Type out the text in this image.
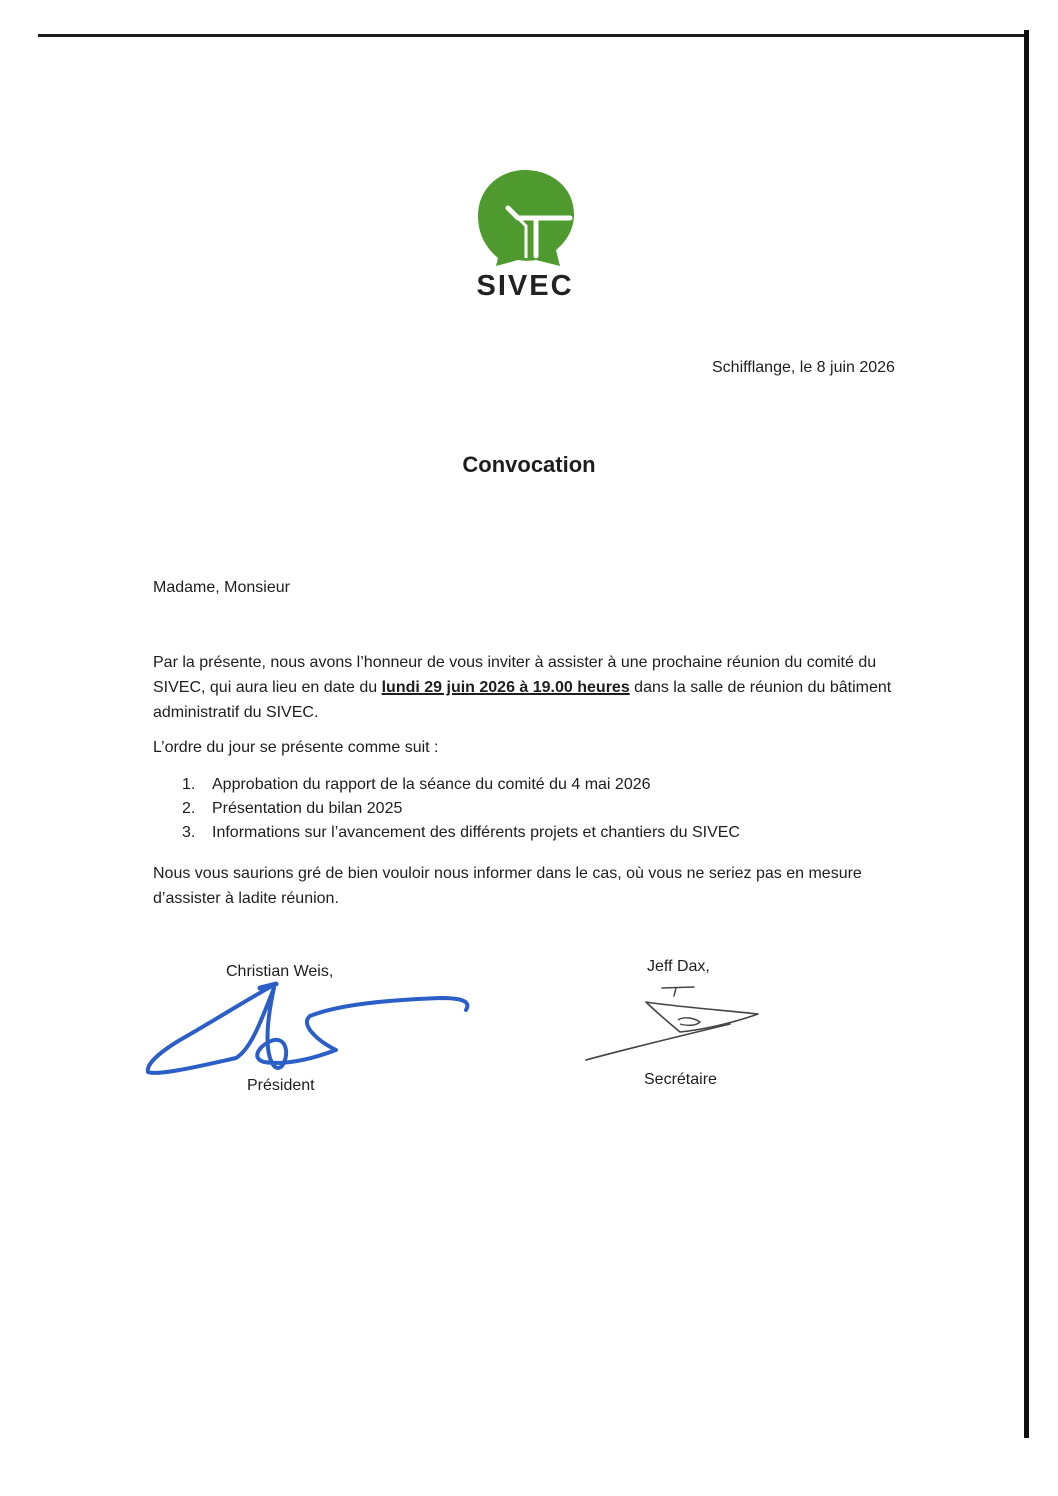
SIVEC
Schifflange, le 8 juin 2026
Convocation
Madame, Monsieur
Par la présente, nous avons l’honneur de vous inviter à assister à une prochaine réunion du comité du SIVEC, qui aura lieu en date du lundi 29 juin 2026 à 19.00 heures dans la salle de réunion du bâtiment administratif du SIVEC.
L’ordre du jour se présente comme suit :
1. Approbation du rapport de la séance du comité du 4 mai 2026
2. Présentation du bilan 2025
3. Informations sur l’avancement des différents projets et chantiers du SIVEC
Nous vous saurions gré de bien vouloir nous informer dans le cas, où vous ne seriez pas en mesure d’assister à ladite réunion.
Christian Weis,
Président
Jeff Dax,
Secrétaire
